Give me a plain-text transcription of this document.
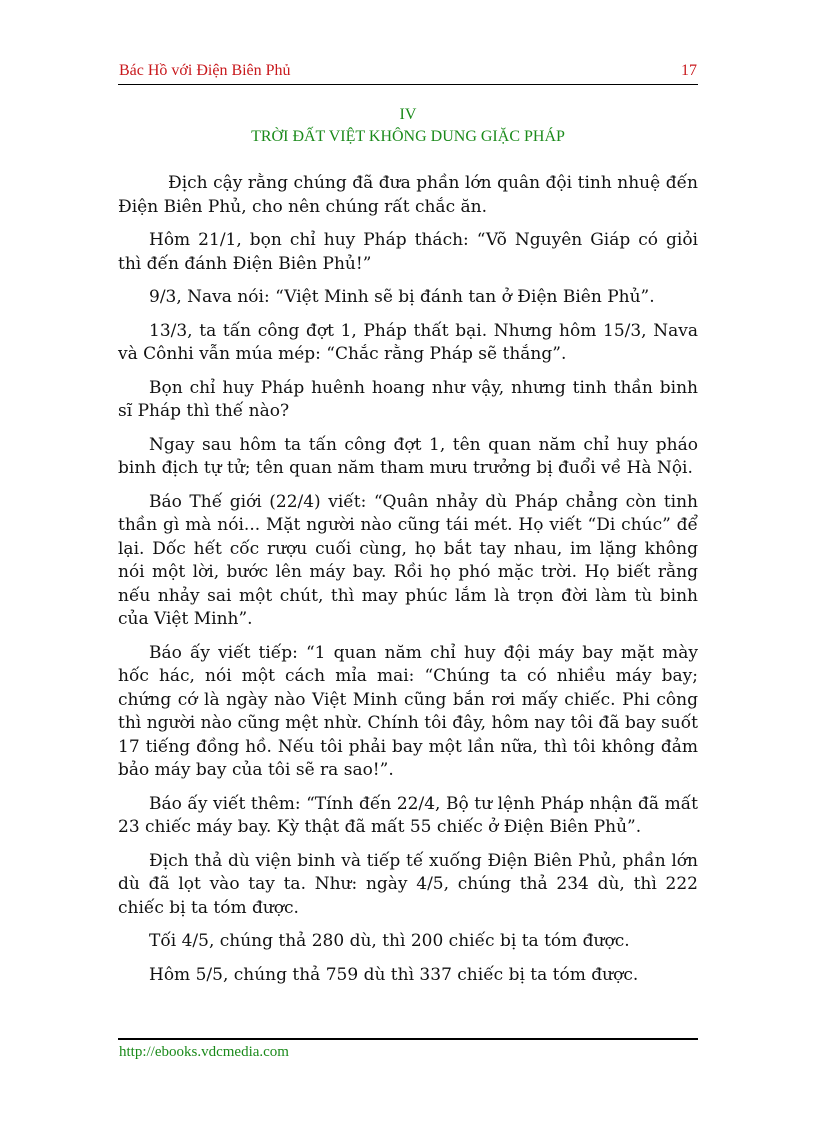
Bác Hồ với Điện Biên Phủ	17
IV
TRỜI ĐẤT VIỆT KHÔNG DUNG GIẶC PHÁP

Địch cậy rằng chúng đã đưa phần lớn quân đội tinh nhuệ đến Điện Biên Phủ, cho nên chúng rất chắc ăn.

Hôm 21/1, bọn chỉ huy Pháp thách: “Võ Nguyên Giáp có giỏi thì đến đánh Điện Biên Phủ!”

9/3, Nava nói: “Việt Minh sẽ bị đánh tan ở Điện Biên Phủ”.

13/3, ta tấn công đợt 1, Pháp thất bại. Nhưng hôm 15/3, Nava và Cônhi vẫn múa mép: “Chắc rằng Pháp sẽ thắng”.

Bọn chỉ huy Pháp huênh hoang như vậy, nhưng tinh thần binh sĩ Pháp thì thế nào?

Ngay sau hôm ta tấn công đợt 1, tên quan năm chỉ huy pháo binh địch tự tử; tên quan năm tham mưu trưởng bị đuổi về Hà Nội.

Báo Thế giới (22/4) viết: “Quân nhảy dù Pháp chẳng còn tinh thần gì mà nói... Mặt người nào cũng tái mét. Họ viết “Di chúc” để lại. Dốc hết cốc rượu cuối cùng, họ bắt tay nhau, im lặng không nói một lời, bước lên máy bay. Rồi họ phó mặc trời. Họ biết rằng nếu nhảy sai một chút, thì may phúc lắm là trọn đời làm tù binh của Việt Minh”.

Báo ấy viết tiếp: “1 quan năm chỉ huy đội máy bay mặt mày hốc hác, nói một cách mỉa mai: “Chúng ta có nhiều máy bay; chứng cớ là ngày nào Việt Minh cũng bắn rơi mấy chiếc. Phi công thì người nào cũng mệt nhừ. Chính tôi đây, hôm nay tôi đã bay suốt 17 tiếng đồng hồ. Nếu tôi phải bay một lần nữa, thì tôi không đảm bảo máy bay của tôi sẽ ra sao!”.

Báo ấy viết thêm: “Tính đến 22/4, Bộ tư lệnh Pháp nhận đã mất 23 chiếc máy bay. Kỳ thật đã mất 55 chiếc ở Điện Biên Phủ”.

Địch thả dù viện binh và tiếp tế xuống Điện Biên Phủ, phần lớn dù đã lọt vào tay ta. Như: ngày 4/5, chúng thả 234 dù, thì 222 chiếc bị ta tóm được.

Tối 4/5, chúng thả 280 dù, thì 200 chiếc bị ta tóm được.

Hôm 5/5, chúng thả 759 dù thì 337 chiếc bị ta tóm được.

http://ebooks.vdcmedia.com
